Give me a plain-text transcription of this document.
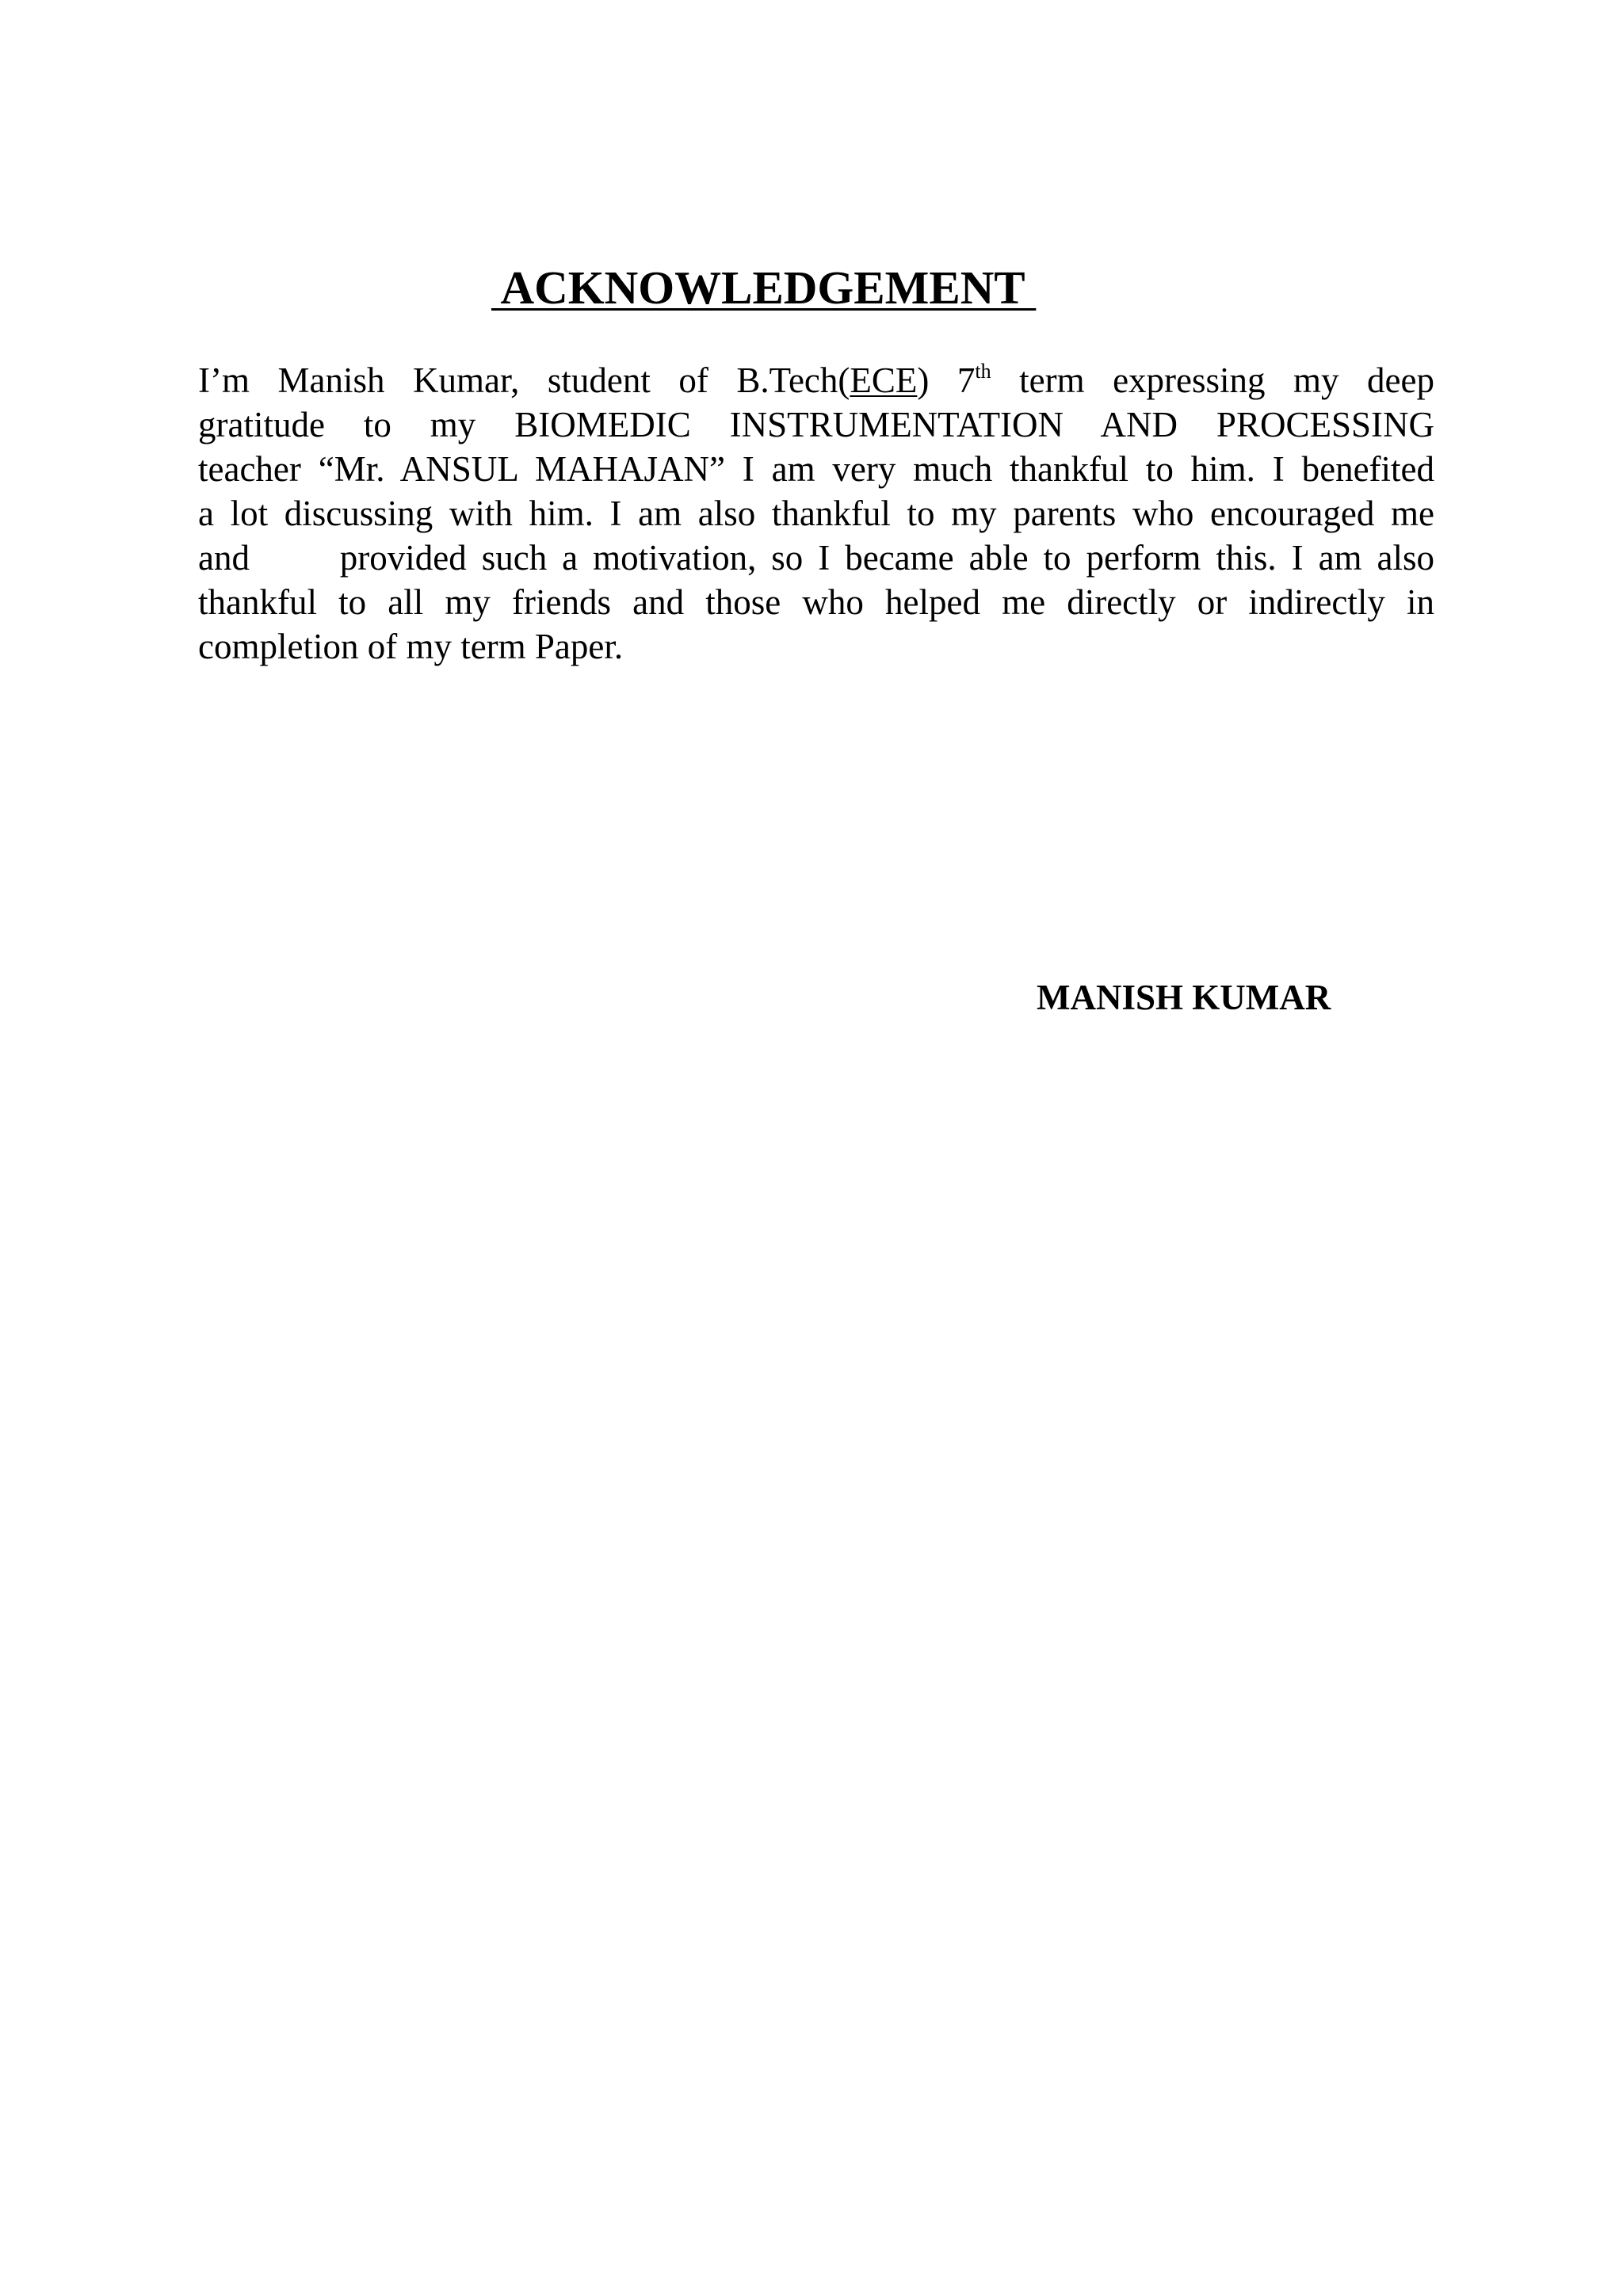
ACKNOWLEDGEMENT
I’m Manish Kumar, student of B.Tech(ECE) 7th term expressing my deep
gratitude to my BIOMEDIC INSTRUMENTATION AND PROCESSING
teacher “Mr. ANSUL MAHAJAN” I am very much thankful to him. I benefited
a lot discussing with him. I am also thankful to my parents who encouraged me
and      provided such a motivation, so I became able to perform this. I am also
thankful to all my friends and those who helped me directly or indirectly in
completion of my term Paper.

MANISH KUMAR
